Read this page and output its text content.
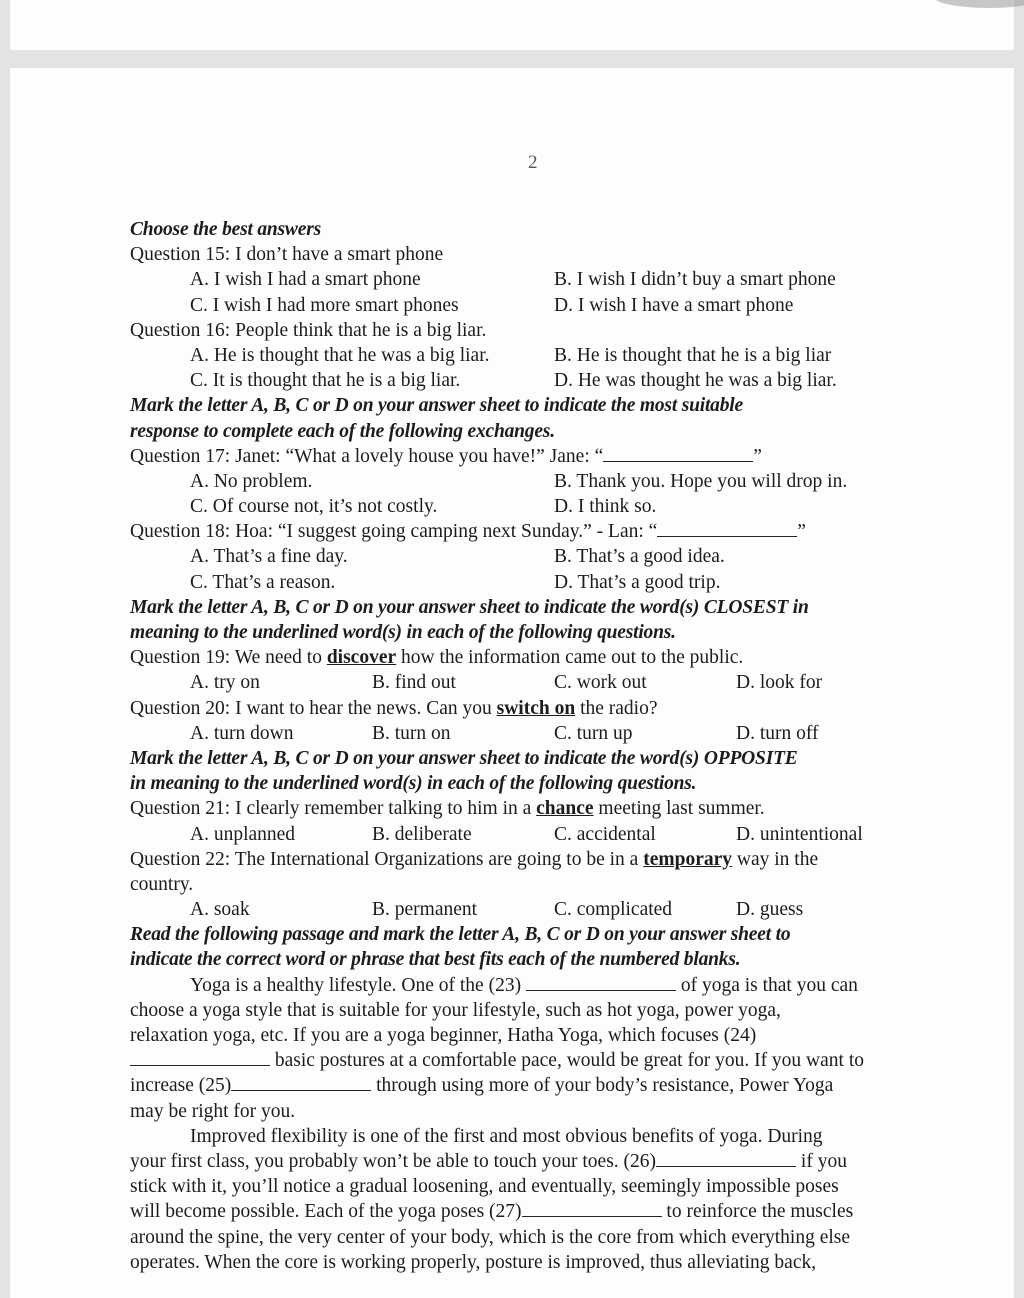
2
Choose the best answers
Question 15: I don’t have a smart phone
A. I wish I had a smart phone	B. I wish I didn’t buy a smart phone
C. I wish I had more smart phones	D. I wish I have a smart phone
Question 16: People think that he is a big liar.
A. He is thought that he was a big liar.	B. He is thought that he is a big liar
C. It is thought that he is a big liar.	D. He was thought he was a big liar.
Mark the letter A, B, C or D on your answer sheet to indicate the most suitable
response to complete each of the following exchanges.
Question 17: Janet: “What a lovely house you have!” Jane: “	”
A. No problem.	B. Thank you. Hope you will drop in.
C. Of course not, it’s not costly.	D. I think so.
Question 18: Hoa: “I suggest going camping next Sunday.” - Lan: “	”
A. That’s a fine day.	B. That’s a good idea.
C. That’s a reason.	D. That’s a good trip.
Mark the letter A, B, C or D on your answer sheet to indicate the word(s) CLOSEST in
meaning to the underlined word(s) in each of the following questions.
Question 19: We need to discover how the information came out to the public.
A. try on	B. find out	C. work out	D. look for
Question 20: I want to hear the news. Can you switch on the radio?
A. turn down	B. turn on	C. turn up	D. turn off
Mark the letter A, B, C or D on your answer sheet to indicate the word(s) OPPOSITE
in meaning to the underlined word(s) in each of the following questions.
Question 21: I clearly remember talking to him in a chance meeting last summer.
A. unplanned	B. deliberate	C. accidental	D. unintentional
Question 22: The International Organizations are going to be in a temporary way in the
country.
A. soak	B. permanent	C. complicated	D. guess
Read the following passage and mark the letter A, B, C or D on your answer sheet to
indicate the correct word or phrase that best fits each of the numbered blanks.
Yoga is a healthy lifestyle. One of the (23)	of yoga is that you can
choose a yoga style that is suitable for your lifestyle, such as hot yoga, power yoga,
relaxation yoga, etc. If you are a yoga beginner, Hatha Yoga, which focuses (24)
basic postures at a comfortable pace, would be great for you. If you want to
increase (25)	through using more of your body’s resistance, Power Yoga
may be right for you.
Improved flexibility is one of the first and most obvious benefits of yoga. During
your first class, you probably won’t be able to touch your toes. (26)	if you
stick with it, you’ll notice a gradual loosening, and eventually, seemingly impossible poses
will become possible. Each of the yoga poses (27)	to reinforce the muscles
around the spine, the very center of your body, which is the core from which everything else
operates. When the core is working properly, posture is improved, thus alleviating back,
